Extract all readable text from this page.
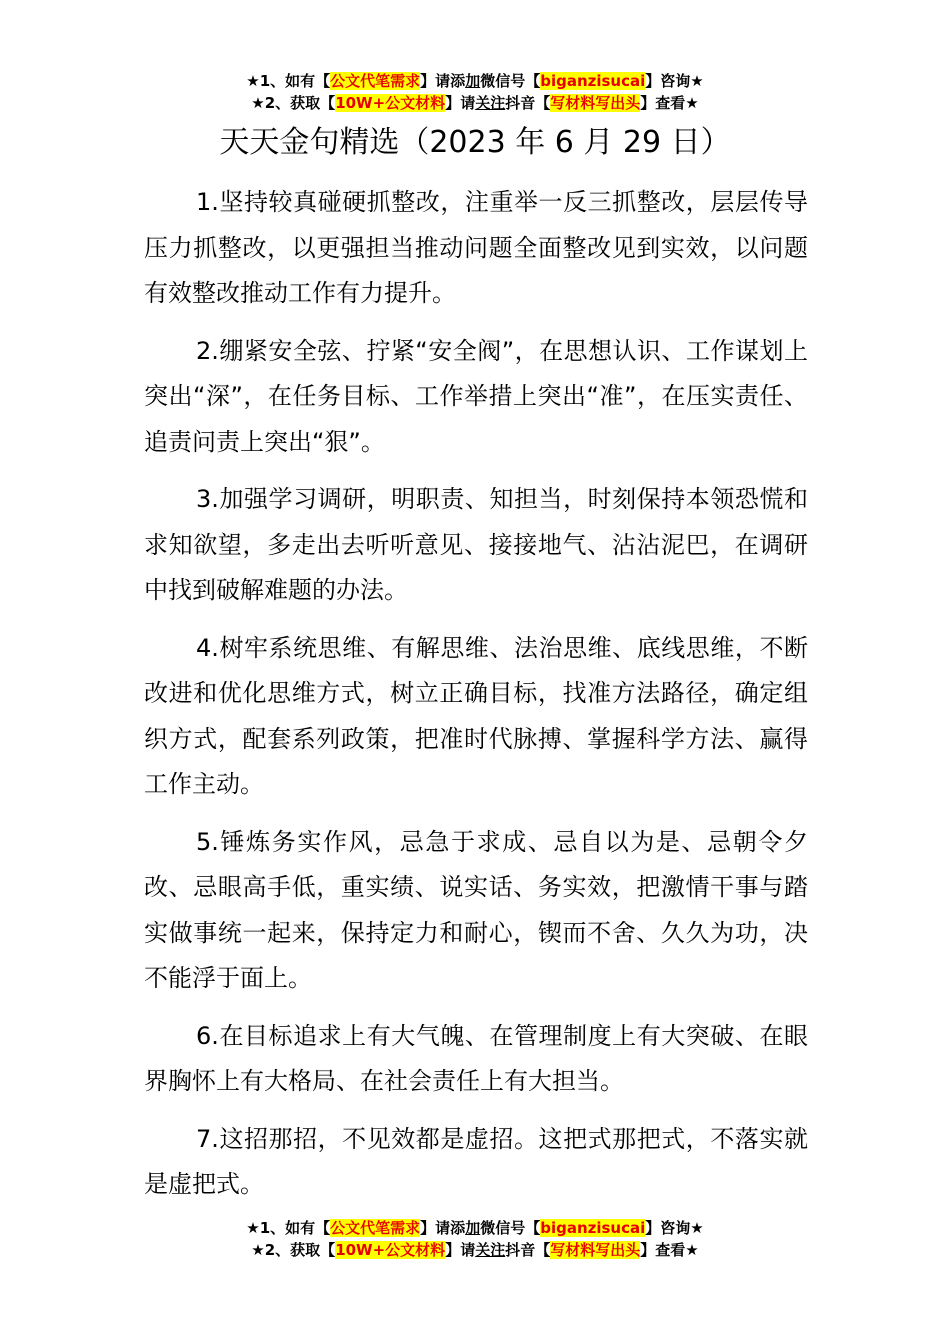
★1、如有【公文代笔需求】请添加微信号【biganzisucai】咨询★
★2、获取【10W+公文材料】请关注抖音【写材料写出头】查看★
天天金句精选（2023 年 6 月 29 日）

1.坚持较真碰硬抓整改，注重举一反三抓整改，层层传导压力抓整改，以更强担当推动问题全面整改见到实效，以问题有效整改推动工作有力提升。

2.绷紧安全弦、拧紧“安全阀”，在思想认识、工作谋划上突出“深”，在任务目标、工作举措上突出“准”，在压实责任、追责问责上突出“狠”。

3.加强学习调研，明职责、知担当，时刻保持本领恐慌和求知欲望，多走出去听听意见、接接地气、沾沾泥巴，在调研中找到破解难题的办法。

4.树牢系统思维、有解思维、法治思维、底线思维，不断改进和优化思维方式，树立正确目标，找准方法路径，确定组织方式，配套系列政策，把准时代脉搏、掌握科学方法、赢得工作主动。

5.锤炼务实作风，忌急于求成、忌自以为是、忌朝令夕改、忌眼高手低，重实绩、说实话、务实效，把激情干事与踏实做事统一起来，保持定力和耐心，锲而不舍、久久为功，决不能浮于面上。

6.在目标追求上有大气魄、在管理制度上有大突破、在眼界胸怀上有大格局、在社会责任上有大担当。

7.这招那招，不见效都是虚招。这把式那把式，不落实就是虚把式。

★1、如有【公文代笔需求】请添加微信号【biganzisucai】咨询★
★2、获取【10W+公文材料】请关注抖音【写材料写出头】查看★
